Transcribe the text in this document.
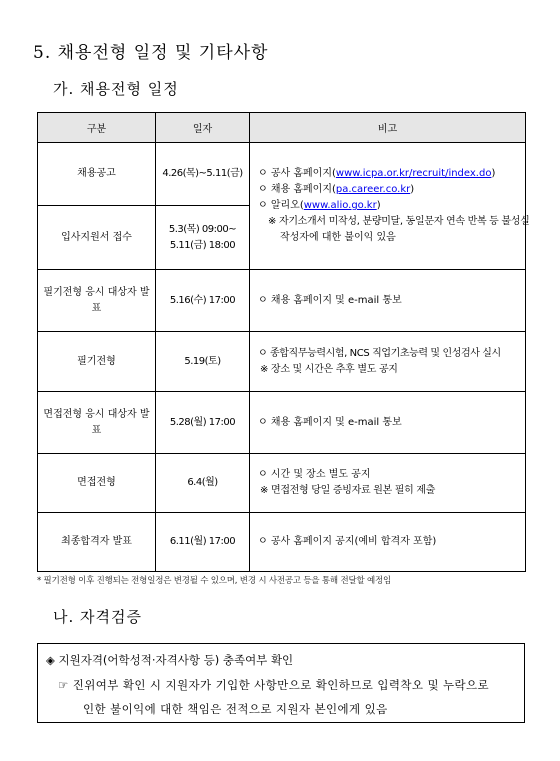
5. 채용전형 일정 및 기타사항
가. 채용전형 일정
구분	일자	비고
채용공고	4.26(목)~5.11(금)	ㅇ 공사 홈페이지(www.icpa.or.kr/recruit/index.do)
ㅇ 채용 홈페이지(pa.career.co.kr)
ㅇ 알리오(www.alio.go.kr)
※ 자기소개서 미작성, 분량미달, 동일문자 연속 반복 등 불성실
작성자에 대한 불이익 있음

입사지원서 접수	5.3(목) 09:00~ 5.11(금) 18:00	
필기전형 응시 대상자 발표	5.16(수) 17:00	ㅇ 채용 홈페이지 및 e-mail 통보

필기전형	5.19(토)	ㅇ 종합직무능력시험, NCS 직업기초능력 및 인성검사 실시
※ 장소 및 시간은 추후 별도 공지

면접전형 응시 대상자 발표	5.28(월) 17:00	ㅇ 채용 홈페이지 및 e-mail 통보

면접전형	6.4(월)	ㅇ 시간 및 장소 별도 공지
※ 면접전형 당일 증빙자료 원본 필히 제출

최종합격자 발표	6.11(월) 17:00	ㅇ 공사 홈페이지 공지(예비 합격자 포함)
* 필기전형 이후 진행되는 전형일정은 변경될 수 있으며, 변경 시 사전공고 등을 통해 전달할 예정임
나. 자격검증
◈ 지원자격(어학성적·자격사항 등) 충족여부 확인
☞ 진위여부 확인 시 지원자가 기입한 사항만으로 확인하므로 입력착오 및 누락으로
인한 불이익에 대한 책임은 전적으로 지원자 본인에게 있음
